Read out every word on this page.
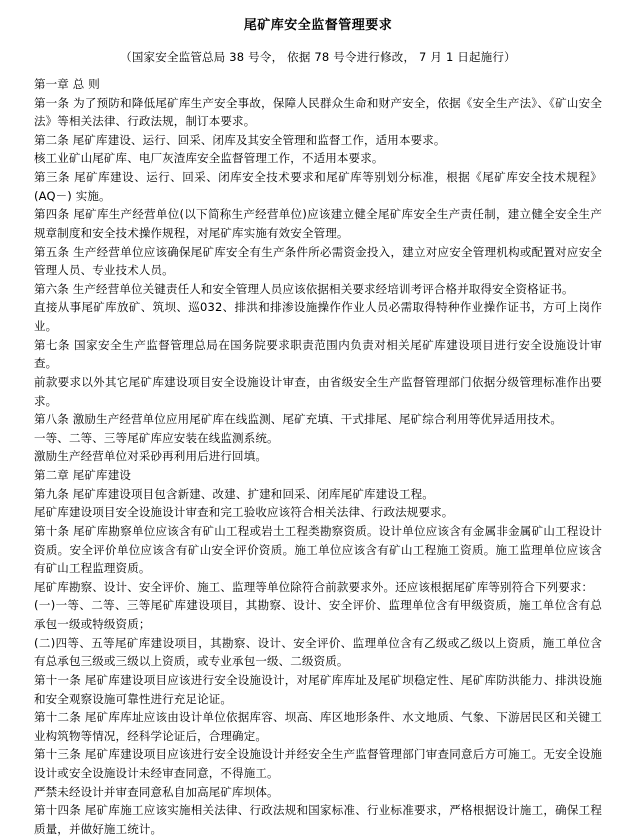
尾矿库安全监督管理要求
（国家安全监管总局 38 号令， 依据 78 号令进行修改， 7 月 1 日起施行）

第一章 总 则

第一条 为了预防和降低尾矿库生产安全事故，保障人民群众生命和财产安全，依据《安全生产法》、《矿山安全法》等相关法律、行政法规，制订本要求。

第二条 尾矿库建设、运行、回采、闭库及其安全管理和监督工作，适用本要求。

核工业矿山尾矿库、电厂灰渣库安全监督管理工作，不适用本要求。

第三条 尾矿库建设、运行、回采、闭库安全技术要求和尾矿库等别划分标准，根据《尾矿库安全技术规程》(AQ－) 实施。

第四条 尾矿库生产经营单位(以下简称生产经营单位)应该建立健全尾矿库安全生产责任制，建立健全安全生产规章制度和安全技术操作规程，对尾矿库实施有效安全管理。

第五条 生产经营单位应该确保尾矿库安全有生产条件所必需资金投入，建立对应安全管理机构或配置对应安全管理人员、专业技术人员。

第六条 生产经营单位关键责任人和安全管理人员应该依据相关要求经培训考评合格并取得安全资格证书。

直接从事尾矿库放矿、筑坝、巡032、排洪和排渗设施操作作业人员必需取得特种作业操作证书，方可上岗作业。

第七条 国家安全生产监督管理总局在国务院要求职责范围内负责对相关尾矿库建设项目进行安全设施设计审查。

前款要求以外其它尾矿库建设项目安全设施设计审查，由省级安全生产监督管理部门依据分级管理标准作出要求。

第八条 激励生产经营单位应用尾矿库在线监测、尾矿充填、干式排尾、尾矿综合利用等优异适用技术。

一等、二等、三等尾矿库应安装在线监测系统。

激励生产经营单位对采砂再利用后进行回填。

第二章 尾矿库建设

第九条 尾矿库建设项目包含新建、改建、扩建和回采、闭库尾矿库建设工程。

尾矿库建设项目安全设施设计审查和完工验收应该符合相关法律、行政法规要求。

第十条 尾矿库勘察单位应该含有矿山工程或岩土工程类勘察资质。设计单位应该含有金属非金属矿山工程设计资质。安全评价单位应该含有矿山安全评价资质。施工单位应该含有矿山工程施工资质。施工监理单位应该含有矿山工程监理资质。

尾矿库勘察、设计、安全评价、施工、监理等单位除符合前款要求外。还应该根据尾矿库等别符合下列要求：

(一)一等、二等、三等尾矿库建设项目，其勘察、设计、安全评价、监理单位含有甲级资质，施工单位含有总承包一级或特级资质；

(二)四等、五等尾矿库建设项目，其勘察、设计、安全评价、监理单位含有乙级或乙级以上资质，施工单位含有总承包三级或三级以上资质，或专业承包一级、二级资质。

第十一条 尾矿库建设项目应该进行安全设施设计，对尾矿库库址及尾矿坝稳定性、尾矿库防洪能力、排洪设施和安全观察设施可靠性进行充足论证。

第十二条 尾矿库库址应该由设计单位依据库容、坝高、库区地形条件、水文地质、气象、下游居民区和关键工业构筑物等情况，经科学论证后，合理确定。

第十三条 尾矿库建设项目应该进行安全设施设计并经安全生产监督管理部门审查同意后方可施工。无安全设施设计或安全设施设计未经审查同意，不得施工。

严禁未经设计并审查同意私自加高尾矿库坝体。

第十四条 尾矿库施工应该实施相关法律、行政法规和国家标准、行业标准要求，严格根据设计施工，确保工程质量，并做好施工统计。
